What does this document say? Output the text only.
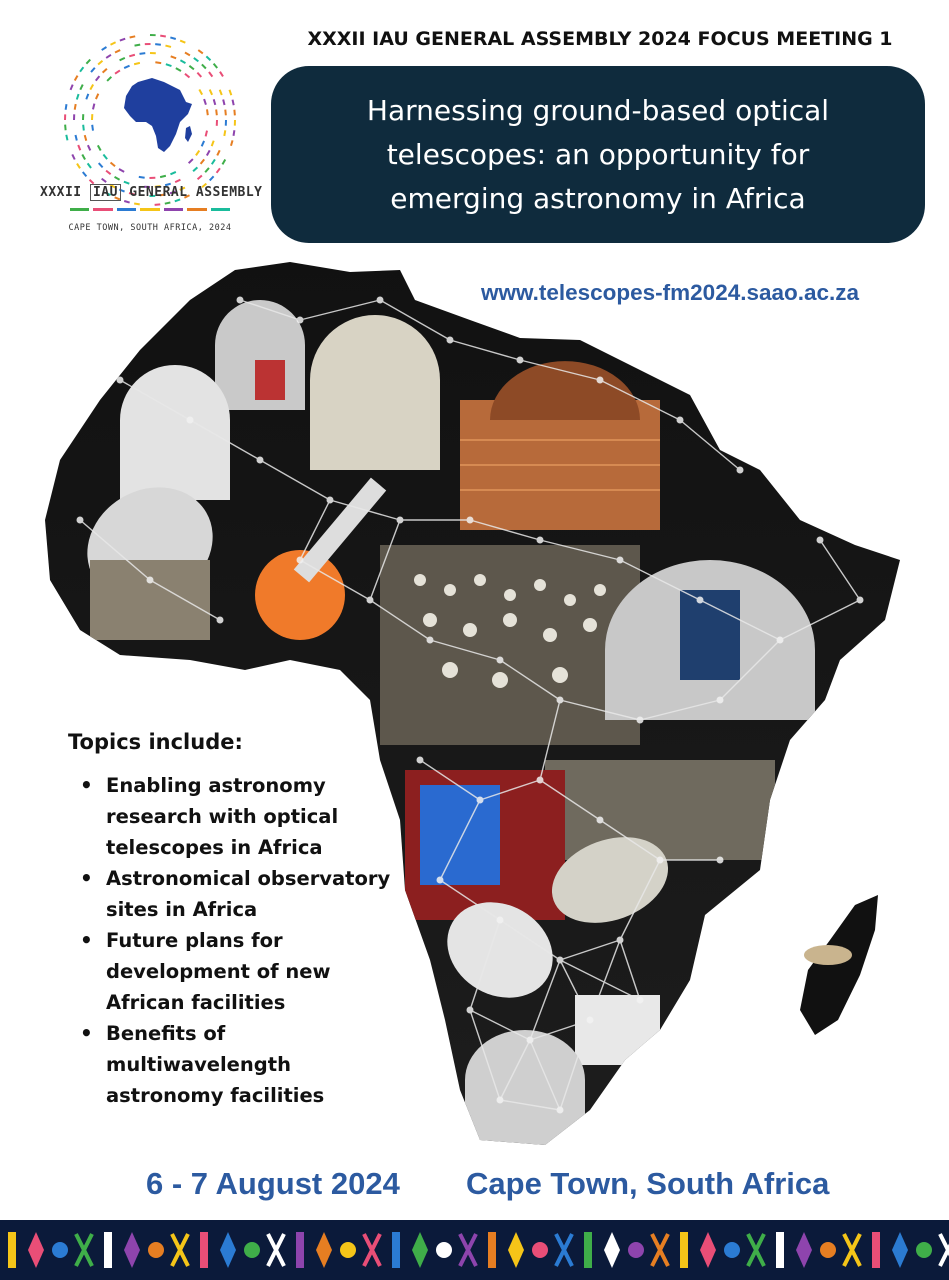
XXXII IAU GENERAL ASSEMBLY
CAPE TOWN, SOUTH AFRICA, 2024
XXXII IAU GENERAL ASSEMBLY 2024 FOCUS MEETING 1
Harnessing ground-based optical
telescopes: an opportunity for
emerging astronomy in Africa
www.telescopes-fm2024.saao.ac.za
Topics include:
• Enabling astronomy research with optical telescopes in Africa
• Astronomical observatory sites in Africa
• Future plans for development of new African facilities
• Benefits of multiwavelength astronomy facilities
6 - 7 August 2024 Cape Town, South Africa
